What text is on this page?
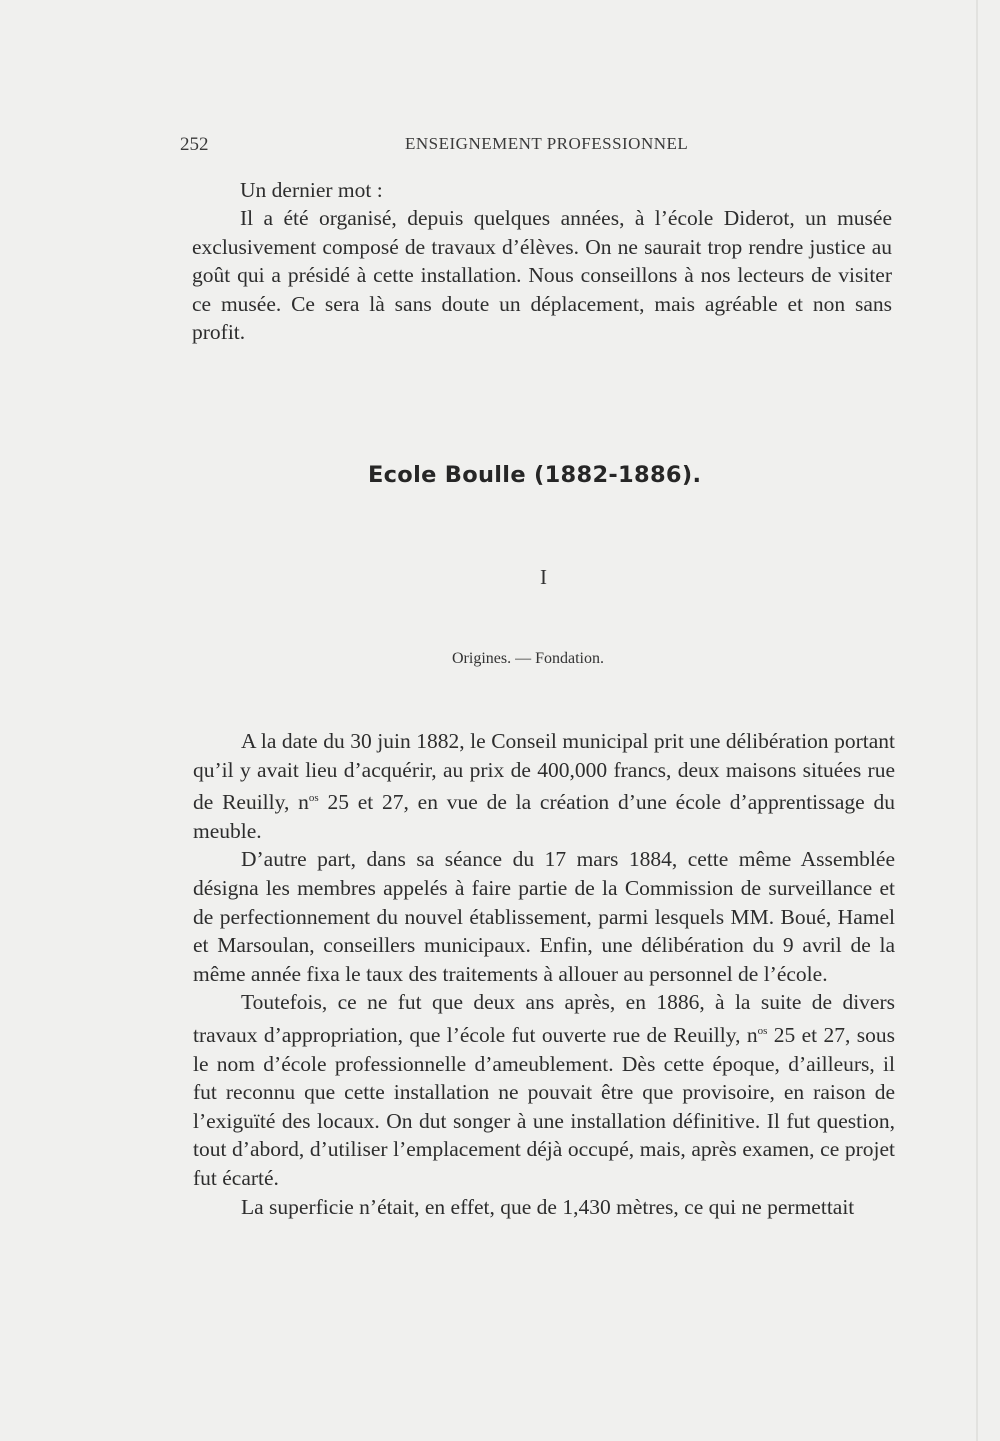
252	ENSEIGNEMENT PROFESSIONNEL

Un dernier mot :

Il a été organisé, depuis quelques années, à l’école Diderot, un musée exclusivement composé de travaux d’élèves. On ne saurait trop rendre justice au goût qui a présidé à cette installation. Nous conseillons à nos lecteurs de visiter ce musée. Ce sera là sans doute un déplacement, mais agréable et non sans profit.

Ecole Boulle (1882-1886).
I
Origines. — Fondation.

A la date du 30 juin 1882, le Conseil municipal prit une délibération portant qu’il y avait lieu d’acquérir, au prix de 400,000 francs, deux maisons situées rue de Reuilly, $n^{os}$ 25 et 27, en vue de la création d’une école d’apprentissage du meuble.

D’autre part, dans sa séance du 17 mars 1884, cette même Assemblée désigna les membres appelés à faire partie de la Commission de surveillance et de perfectionnement du nouvel établissement, parmi lesquels MM. Boué, Hamel et Marsoulan, conseillers municipaux. Enfin, une délibération du 9 avril de la même année fixa le taux des traitements à allouer au personnel de l’école.

Toutefois, ce ne fut que deux ans après, en 1886, à la suite de divers travaux d’appropriation, que l’école fut ouverte rue de Reuilly, $n^{os}$ 25 et 27, sous le nom d’école professionnelle d’ameublement. Dès cette époque, d’ailleurs, il fut reconnu que cette installation ne pouvait être que provisoire, en raison de l’exiguïté des locaux. On dut songer à une installation définitive. Il fut question, tout d’abord, d’utiliser l’emplacement déjà occupé, mais, après examen, ce projet fut écarté.

La superficie n’était, en effet, que de 1,430 mètres, ce qui ne permettait
